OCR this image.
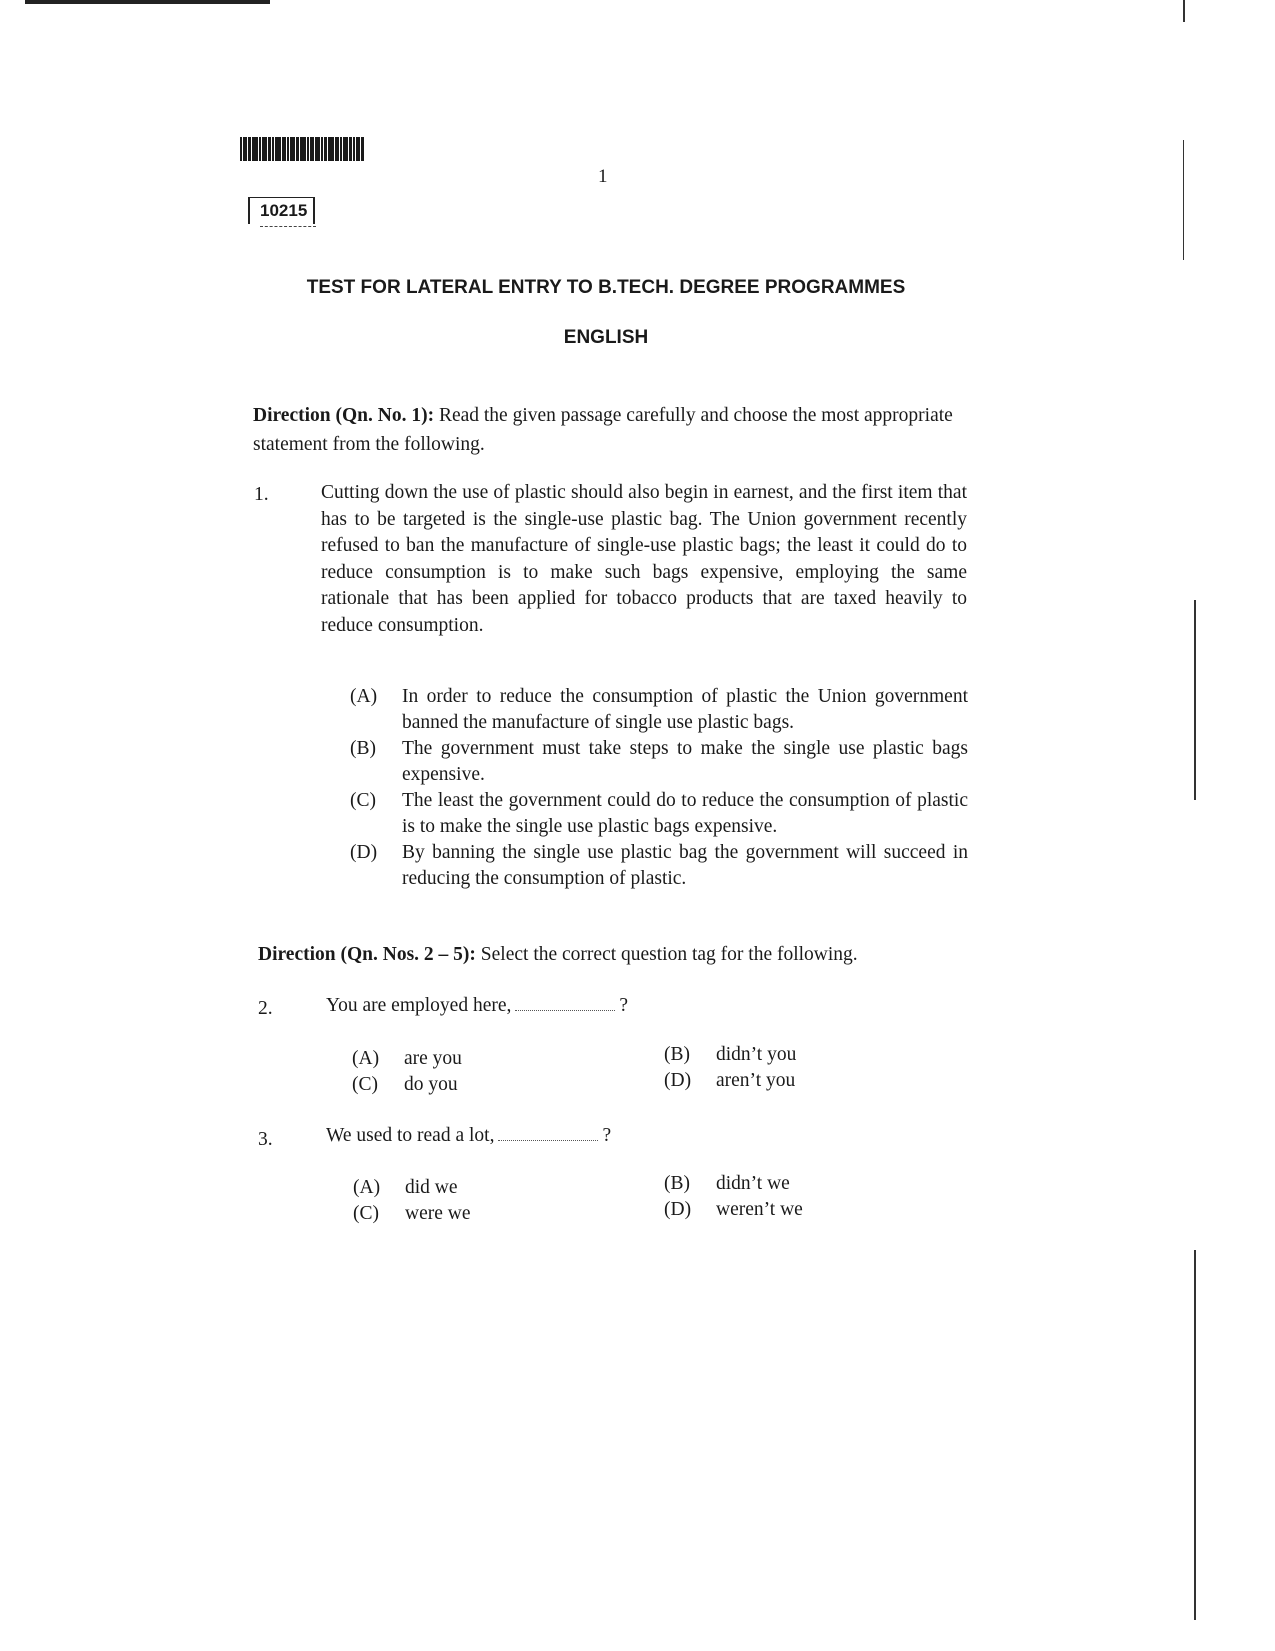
1
10215
TEST FOR LATERAL ENTRY TO B.TECH. DEGREE PROGRAMMES
ENGLISH
Direction (Qn. No. 1): Read the given passage carefully and choose the most appropriate statement from the following.
1.	Cutting down the use of plastic should also begin in earnest, and the first item that has to be targeted is the single-use plastic bag. The Union government recently refused to ban the manufacture of single-use plastic bags; the least it could do to reduce consumption is to make such bags expensive, employing the same rationale that has been applied for tobacco products that are taxed heavily to reduce consumption.
(A)	In order to reduce the consumption of plastic the Union government banned the manufacture of single use plastic bags.
(B)	The government must take steps to make the single use plastic bags expensive.
(C)	The least the government could do to reduce the consumption of plastic is to make the single use plastic bags expensive.
(D)	By banning the single use plastic bag the government will succeed in reducing the consumption of plastic.
Direction (Qn. Nos. 2 – 5): Select the correct question tag for the following.
2.	You are employed here,	?
(A)	are you	(B)	didn’t you
(C)	do you	(D)	aren’t you
3.	We used to read a lot,	?
(A)	did we	(B)	didn’t we
(C)	were we	(D)	weren’t we
